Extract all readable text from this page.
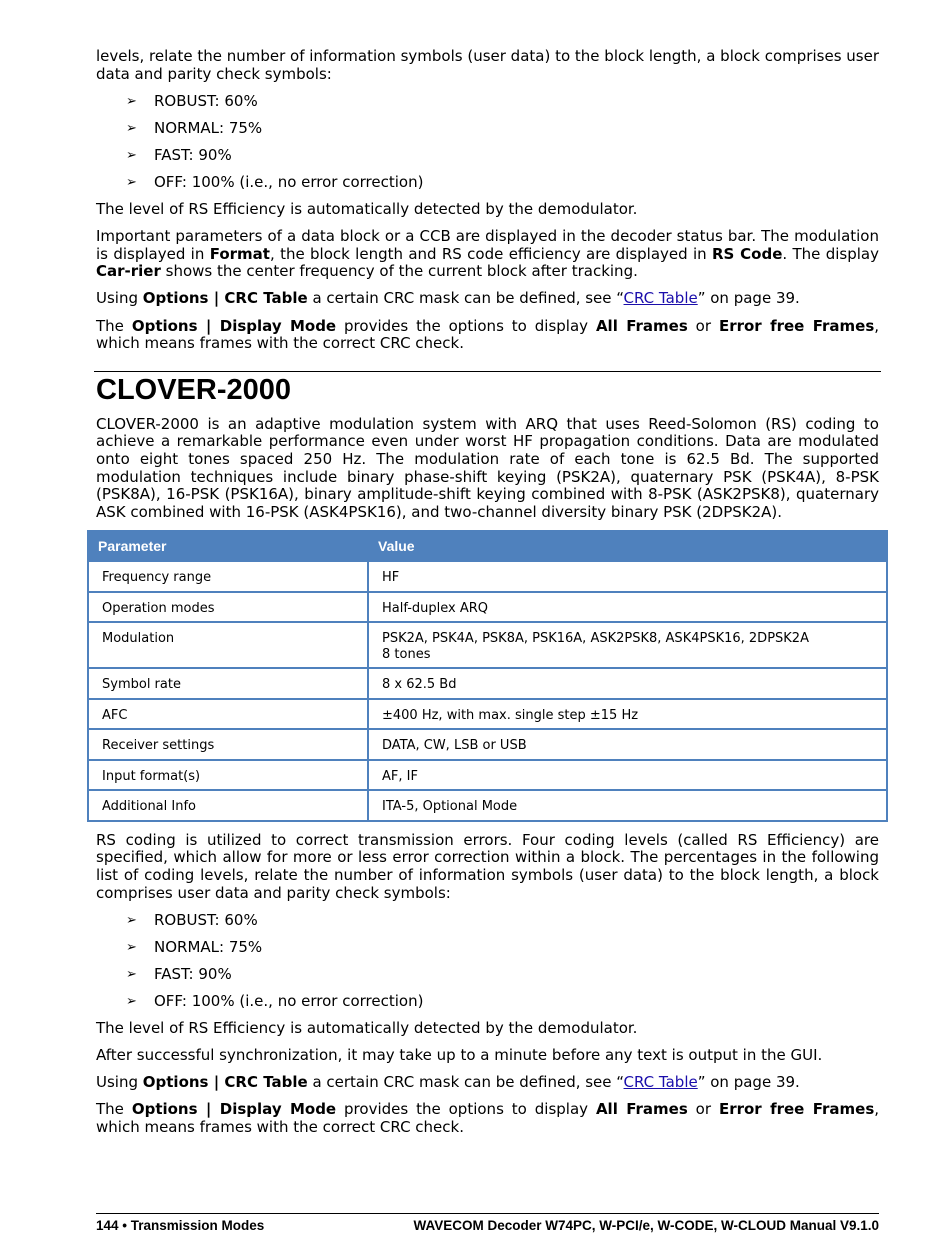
levels, relate the number of information symbols (user data) to the block length, a block comprises user data and parity check symbols:

➢ ROBUST: 60%
➢ NORMAL: 75%
➢ FAST: 90%
➢ OFF: 100% (i.e., no error correction)

The level of RS Efficiency is automatically detected by the demodulator.

Important parameters of a data block or a CCB are displayed in the decoder status bar. The modulation is displayed in Format, the block length and RS code efficiency are displayed in RS Code. The display Car-rier shows the center frequency of the current block after tracking.

Using Options | CRC Table a certain CRC mask can be defined, see “CRC Table” on page 39.

The Options | Display Mode provides the options to display All Frames or Error free Frames, which means frames with the correct CRC check.

CLOVER-2000

CLOVER-2000 is an adaptive modulation system with ARQ that uses Reed-Solomon (RS) coding to achieve a remarkable performance even under worst HF propagation conditions. Data are modulated onto eight tones spaced 250 Hz. The modulation rate of each tone is 62.5 Bd. The supported modulation techniques include binary phase-shift keying (PSK2A), quaternary PSK (PSK4A), 8-PSK (PSK8A), 16-PSK (PSK16A), binary amplitude-shift keying combined with 8-PSK (ASK2PSK8), quaternary ASK combined with 16-PSK (ASK4PSK16), and two-channel diversity binary PSK (2DPSK2A).

Parameter	Value
Frequency range	HF
Operation modes	Half-duplex ARQ
Modulation	PSK2A, PSK4A, PSK8A, PSK16A, ASK2PSK8, ASK4PSK16, 2DPSK2A
8 tones

Symbol rate	8 x 62.5 Bd
AFC	±400 Hz, with max. single step ±15 Hz
Receiver settings	DATA, CW, LSB or USB
Input format(s)	AF, IF
Additional Info	ITA-5, Optional Mode

RS coding is utilized to correct transmission errors. Four coding levels (called RS Efficiency) are specified, which allow for more or less error correction within a block. The percentages in the following list of coding levels, relate the number of information symbols (user data) to the block length, a block comprises user data and parity check symbols:

➢ ROBUST: 60%
➢ NORMAL: 75%
➢ FAST: 90%
➢ OFF: 100% (i.e., no error correction)

The level of RS Efficiency is automatically detected by the demodulator.

After successful synchronization, it may take up to a minute before any text is output in the GUI.

Using Options | CRC Table a certain CRC mask can be defined, see “CRC Table” on page 39.

The Options | Display Mode provides the options to display All Frames or Error free Frames, which means frames with the correct CRC check.

144 • Transmission Modes	WAVECOM Decoder W74PC, W-PCI/e, W-CODE, W-CLOUD Manual V9.1.0
